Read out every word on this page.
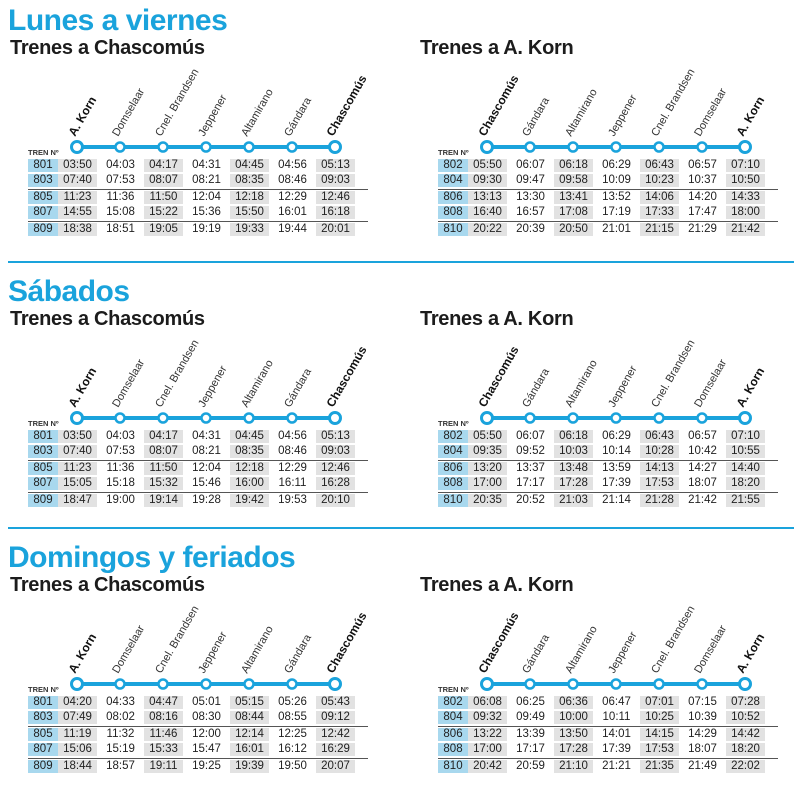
Lunes a viernes
Trenes a Chascomús
A. Korn Domselaar Cnel. Brandsen
Jeppener Altamirano Gándara Chascomús
TREN Nº
801 03:50	04:03	04:17	04:31	04:45	04:56	05:13
803 07:40	07:53	08:07	08:21	08:35	08:46	09:03
805 11:23	11:36	11:50	12:04	12:18	12:29	12:46
807 14:55	15:08	15:22	15:36	15:50	16:01	16:18
809 18:38	18:51	19:05	19:19	19:33	19:44	20:01
Trenes a A. Korn
Chascomús
Gándara Altamirano Jeppener Cnel. Brandsen
Domselaar A. Korn
TREN Nº
802 05:50	06:07	06:18	06:29	06:43	06:57	07:10
804 09:30	09:47	09:58	10:09	10:23	10:37	10:50
806 13:13	13:30	13:41	13:52	14:06	14:20	14:33
808 16:40	16:57	17:08	17:19	17:33	17:47	18:00
810 20:22	20:39	20:50	21:01	21:15	21:29	21:42
Sábados
Trenes a Chascomús
A. Korn Domselaar Cnel. Brandsen
Jeppener Altamirano Gándara Chascomús
TREN Nº
801 03:50	04:03	04:17	04:31	04:45	04:56	05:13
803 07:40	07:53	08:07	08:21	08:35	08:46	09:03
805 11:23	11:36	11:50	12:04	12:18	12:29	12:46
807 15:05	15:18	15:32	15:46	16:00	16:11	16:28
809 18:47	19:00	19:14	19:28	19:42	19:53	20:10
Trenes a A. Korn
Chascomús
Gándara Altamirano Jeppener Cnel. Brandsen
Domselaar A. Korn
TREN Nº
802 05:50	06:07	06:18	06:29	06:43	06:57	07:10
804 09:35	09:52	10:03	10:14	10:28	10:42	10:55
806 13:20	13:37	13:48	13:59	14:13	14:27	14:40
808 17:00	17:17	17:28	17:39	17:53	18:07	18:20
810 20:35	20:52	21:03	21:14	21:28	21:42	21:55
Domingos y feriados
Trenes a Chascomús
A. Korn Domselaar Cnel. Brandsen
Jeppener Altamirano Gándara Chascomús
TREN Nº
801 04:20	04:33	04:47	05:01	05:15	05:26	05:43
803 07:49	08:02	08:16	08:30	08:44	08:55	09:12
805 11:19	11:32	11:46	12:00	12:14	12:25	12:42
807 15:06	15:19	15:33	15:47	16:01	16:12	16:29
809 18:44	18:57	19:11	19:25	19:39	19:50	20:07
Trenes a A. Korn
Chascomús
Gándara Altamirano Jeppener Cnel. Brandsen
Domselaar A. Korn
TREN Nº
802 06:08	06:25	06:36	06:47	07:01	07:15	07:28
804 09:32	09:49	10:00	10:11	10:25	10:39	10:52
806 13:22	13:39	13:50	14:01	14:15	14:29	14:42
808 17:00	17:17	17:28	17:39	17:53	18:07	18:20
810 20:42	20:59	21:10	21:21	21:35	21:49	22:02
